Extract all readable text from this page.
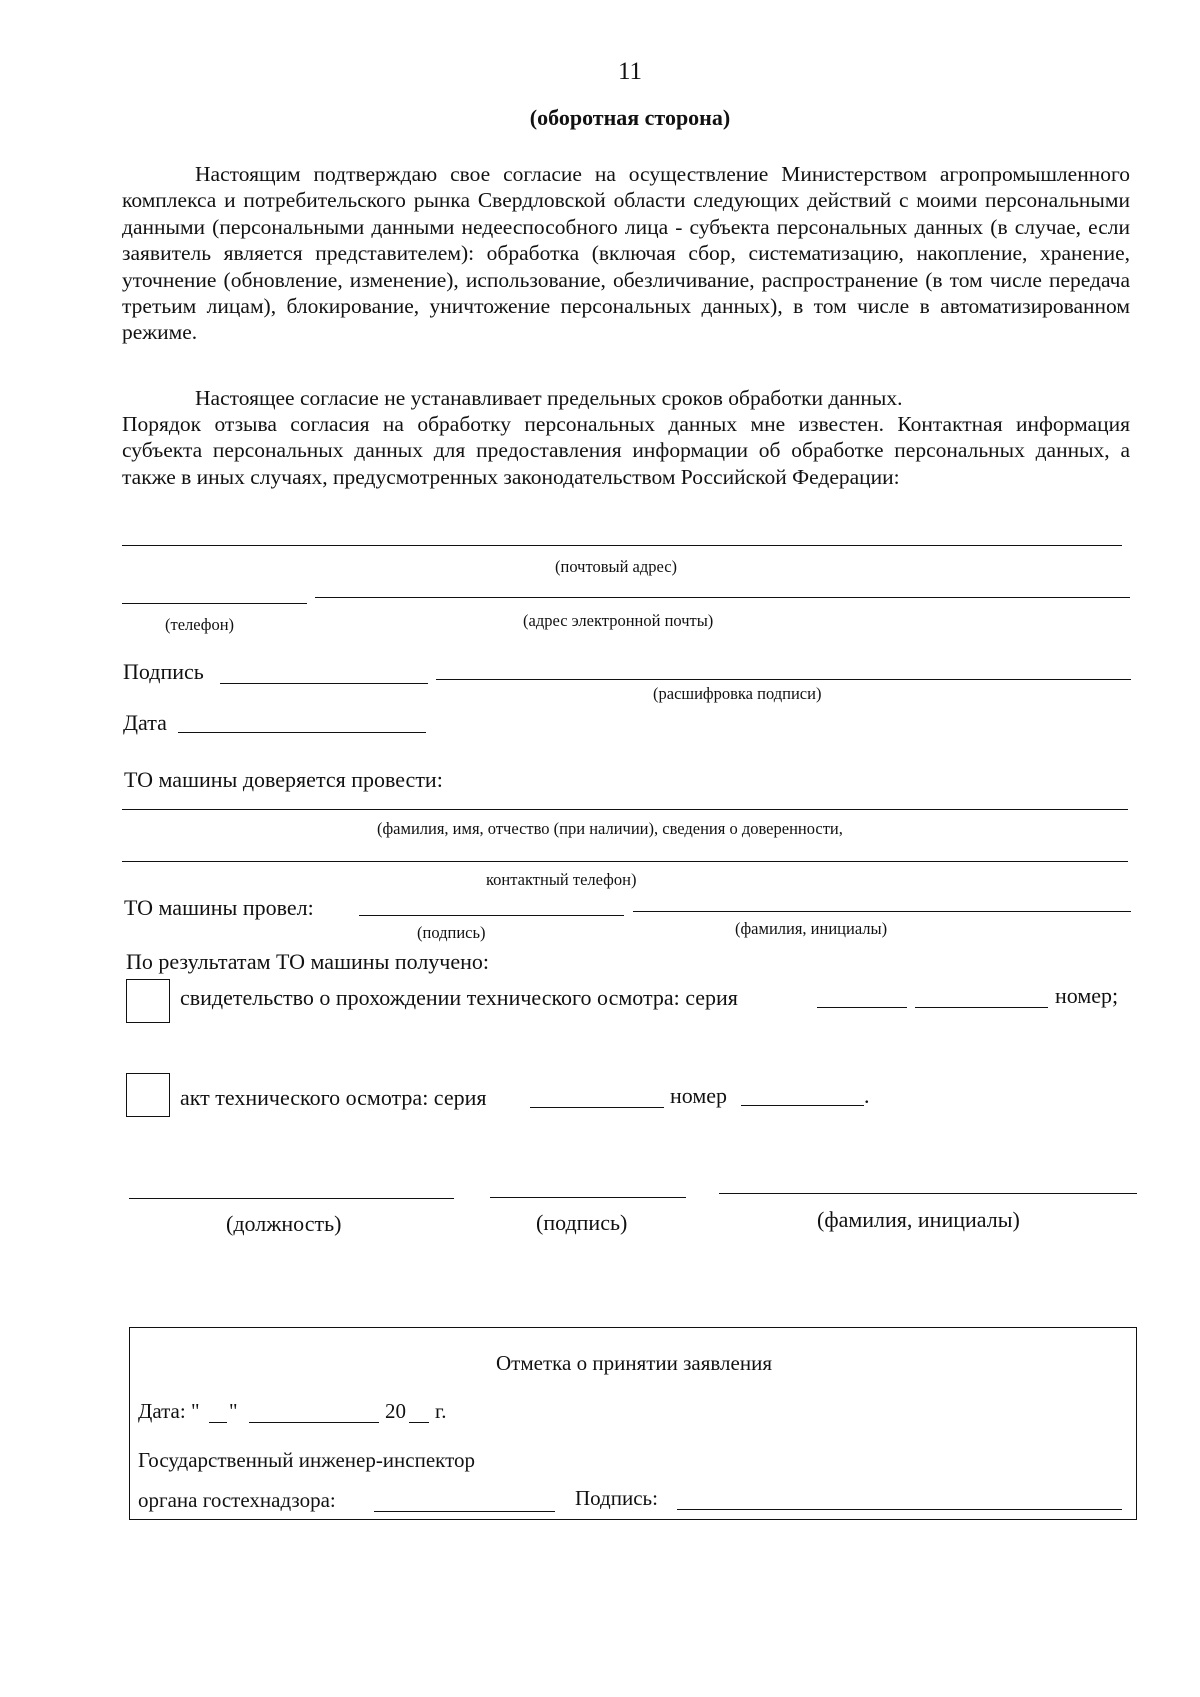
11
(оборотная сторона)
Настоящим подтверждаю свое согласие на осуществление Министерством агропромышленного комплекса и потребительского рынка Свердловской области следующих действий с моими персональными данными (персональными данными недееспособного лица - субъекта персональных данных (в случае, если заявитель является представителем): обработка (включая сбор, систематизацию, накопление, хранение, уточнение (обновление, изменение), использование, обезличивание, распространение (в том числе передача третьим лицам), блокирование, уничтожение персональных данных), в том числе в автоматизированном режиме.
Настоящее согласие не устанавливает предельных сроков обработки данных.
Порядок отзыва согласия на обработку персональных данных мне известен. Контактная информация субъекта персональных данных для предоставления информации об обработке персональных данных, а также в иных случаях, предусмотренных законодательством Российской Федерации:
(почтовый адрес)
(телефон)	(адрес электронной почты)
Подпись
(расшифровка подписи)
Дата
ТО машины доверяется провести:
(фамилия, имя, отчество (при наличии), сведения о доверенности,
контактный телефон)
ТО машины провел:
(подпись)	(фамилия, инициалы)
По результатам ТО машины получено:
свидетельство о прохождении технического осмотра: серия	номер;
акт технического осмотра: серия	номер	.
(должность)	(подпись)	(фамилия, инициалы)
Отметка о принятии заявления
Дата: " "	20 г.
Государственный инженер-инспектор
органа гостехнадзора:	Подпись:
